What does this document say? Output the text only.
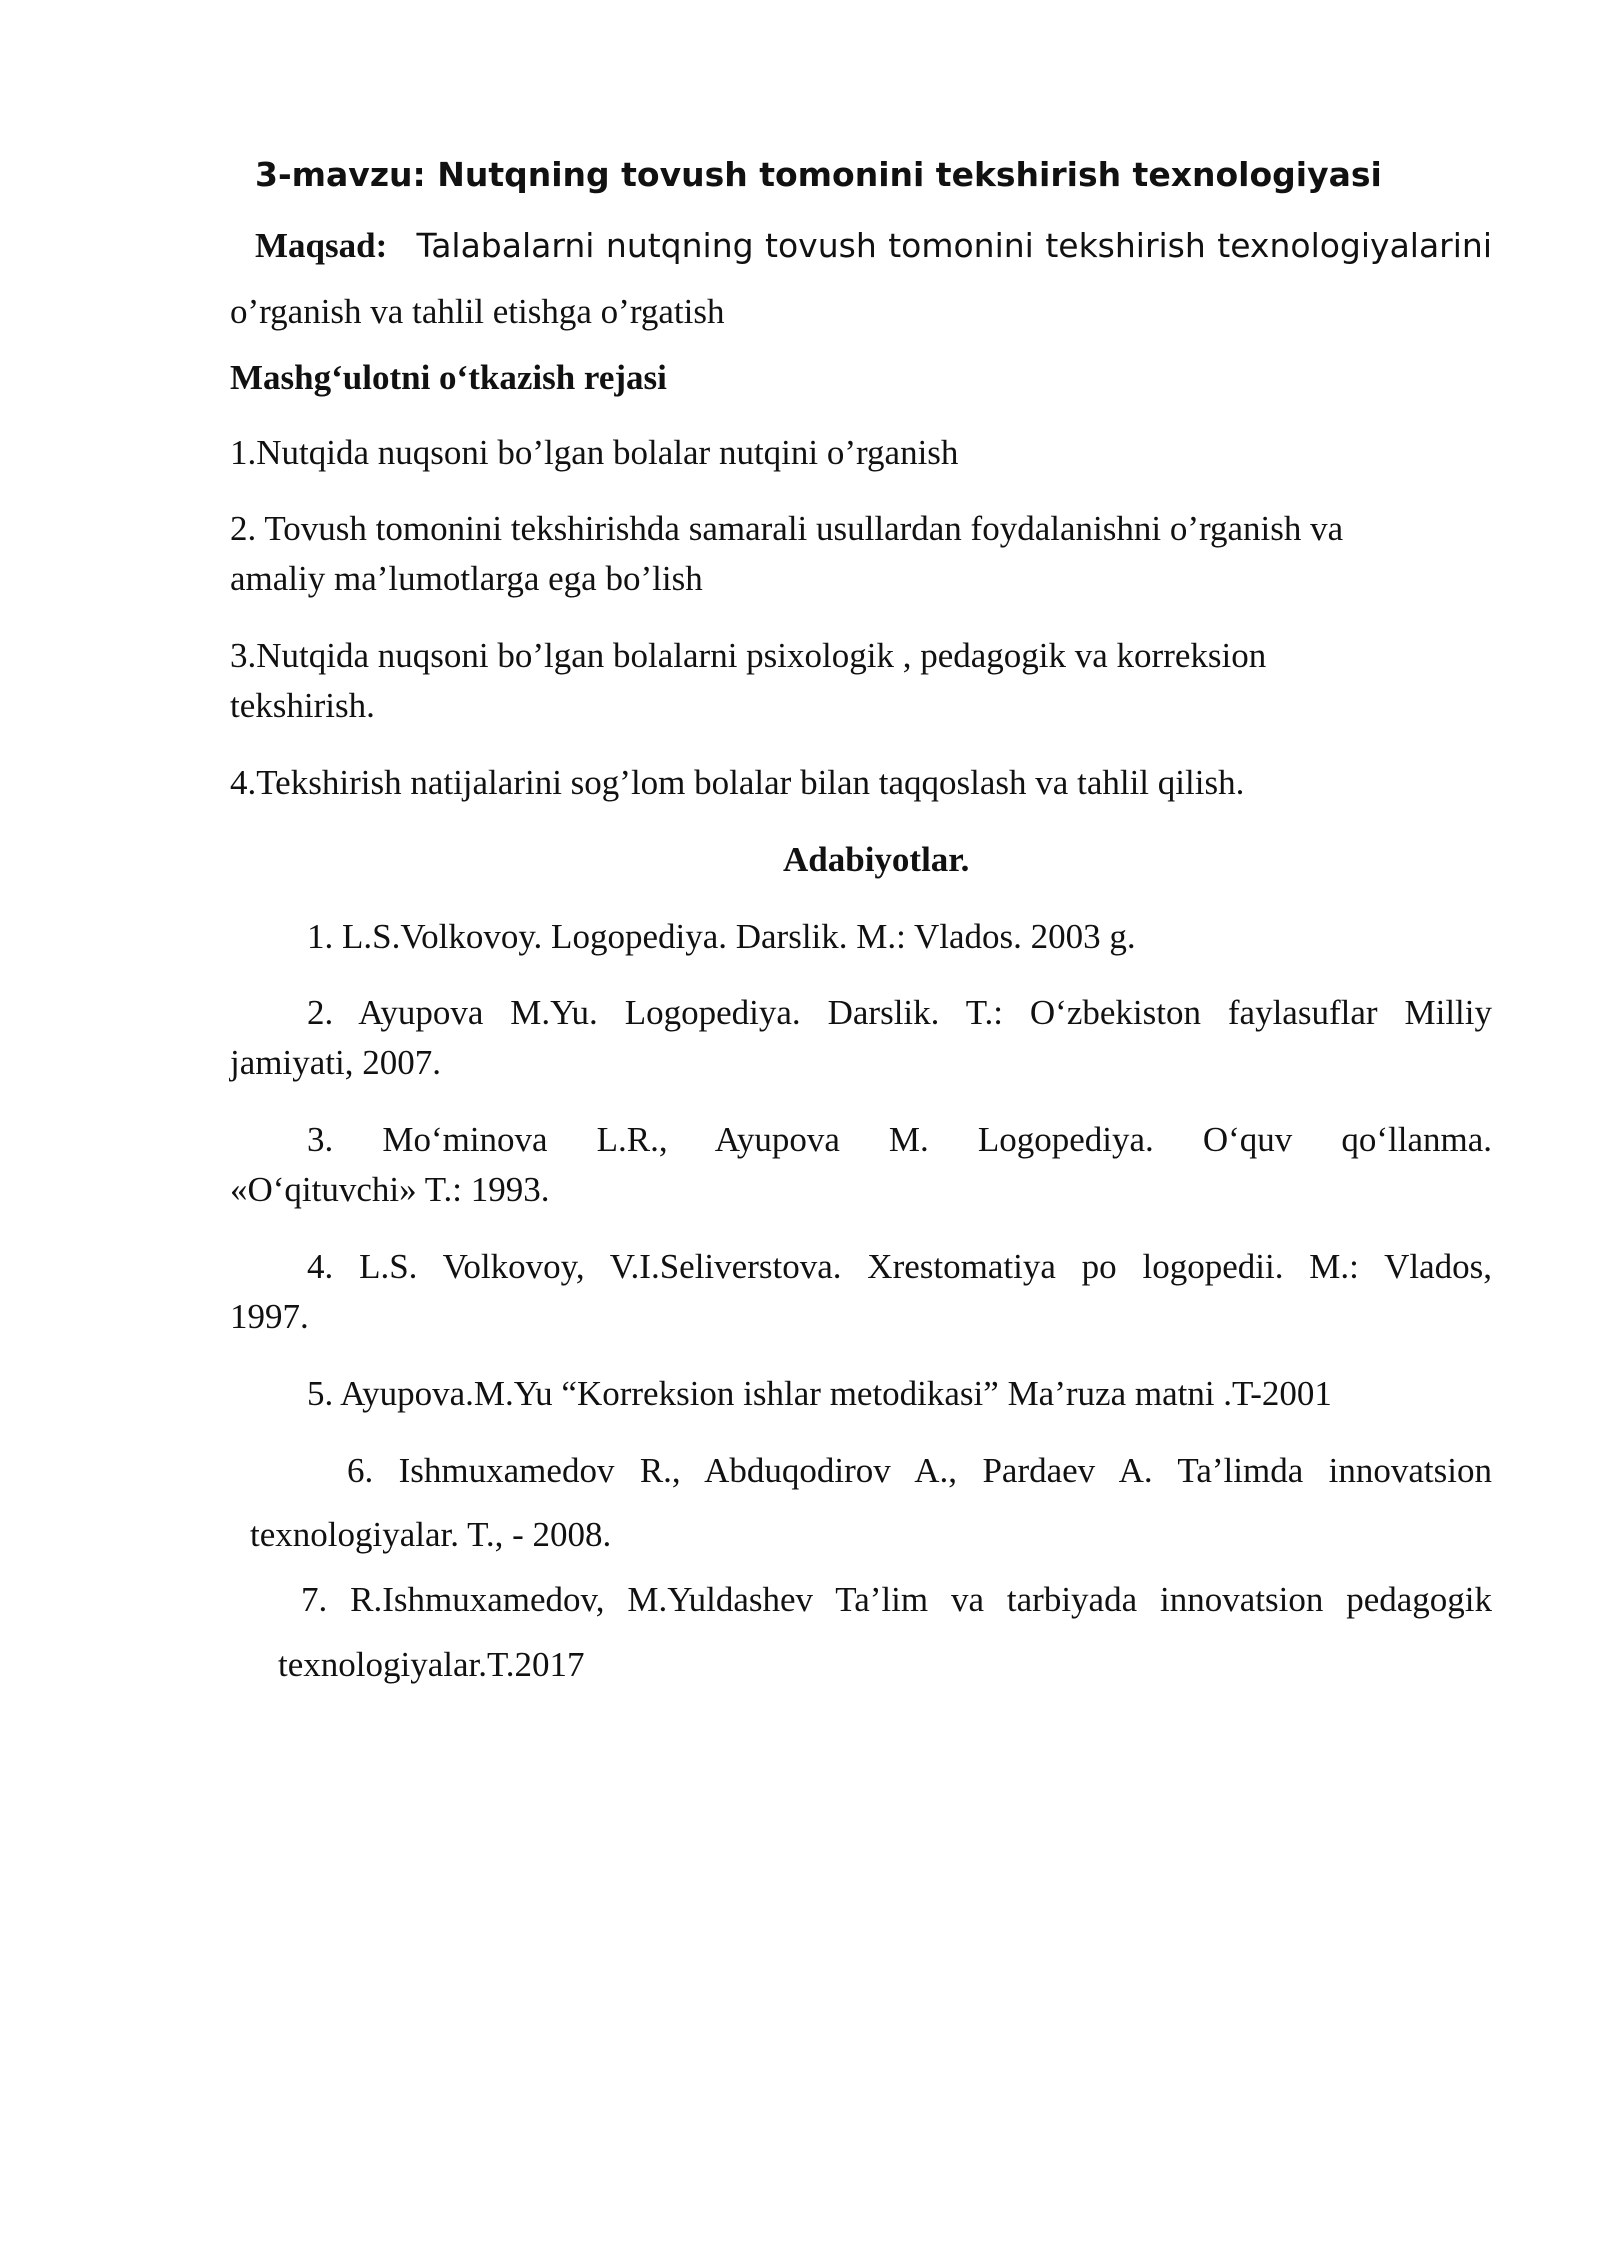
3-mavzu: Nutqning tovush tomonini tekshirish texnologiyasi
Maqsad: Talabalarni nutqning tovush tomonini tekshirish texnologiyalarini
o’rganish va tahlil etishga o’rgatish
Mashg‘ulotni o‘tkazish rejasi
1.Nutqida nuqsoni bo’lgan bolalar nutqini o’rganish
2. Tovush tomonini tekshirishda samarali usullardan foydalanishni o’rganish va
amaliy ma’lumotlarga ega bo’lish
3.Nutqida nuqsoni bo’lgan bolalarni psixologik , pedagogik va korreksion
tekshirish.
4.Tekshirish natijalarini sog’lom bolalar bilan taqqoslash va tahlil qilish.
Adabiyotlar.
1. L.S.Volkovoy. Logopediya. Darslik. M.: Vlados. 2003 g.
2. Ayupova M.Yu. Logopediya. Darslik. T.: O‘zbekiston faylasuflar Milliy
jamiyati, 2007.
3. Mo‘minova L.R., Ayupova M. Logopediya. O‘quv qo‘llanma.
«O‘qituvchi» T.: 1993.
4. L.S. Volkovoy, V.I.Seliverstova. Xrestomatiya po logopedii. M.: Vlados,
1997.
5. Ayupova.M.Yu “Korreksion ishlar metodikasi” Ma’ruza matni .T-2001
6. Ishmuxamedov R., Abduqodirov A., Pardaev A. Ta’limda innovatsion
texnologiyalar. T., - 2008.
7. R.Ishmuxamedov, M.Yuldashev Ta’lim va tarbiyada innovatsion pedagogik
texnologiyalar.T.2017
